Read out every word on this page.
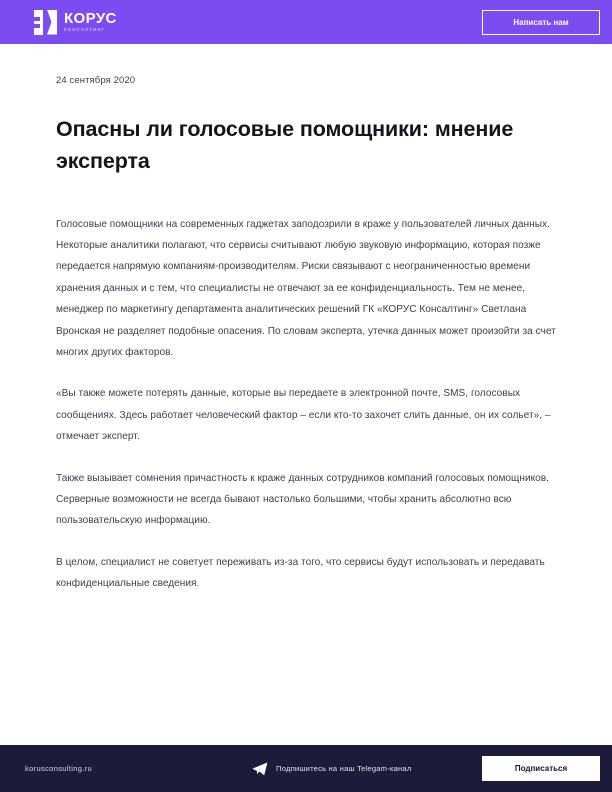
КОРУС
КОНСАЛТИНГ
Написать нам
24 сентября 2020
Опасны ли голосовые помощники: мнение эксперта

Голосовые помощники на современных гаджетах заподозрили в краже у пользователей личных данных. Некоторые аналитики полагают, что сервисы считывают любую звуковую информацию, которая позже передается напрямую компаниям-производителям. Риски связывают с неограниченностью времени хранения данных и с тем, что специалисты не отвечают за ее конфиденциальность. Тем не менее, менеджер по маркетингу департамента аналитических решений ГК «КОРУС Консалтинг» Светлана Вронская не разделяет подобные опасения. По словам эксперта, утечка данных может произойти за счет многих других факторов.

«Вы также можете потерять данные, которые вы передаете в электронной почте, SMS, голосовых сообщениях. Здесь работает человеческий фактор – если кто-то захочет слить данные, он их сольет», – отмечает эксперт.

Также вызывает сомнения причастность к краже данных сотрудников компаний голосовых помощников. Серверные возможности не всегда бывают настолько большими, чтобы хранить абсолютно всю пользовательскую информацию.

В целом, специалист не советует переживать из-за того, что сервисы будут использовать и передавать конфиденциальные сведения.

korusconsulting.ru	Подпишитесь на наш Telegam-канал	Подписаться
